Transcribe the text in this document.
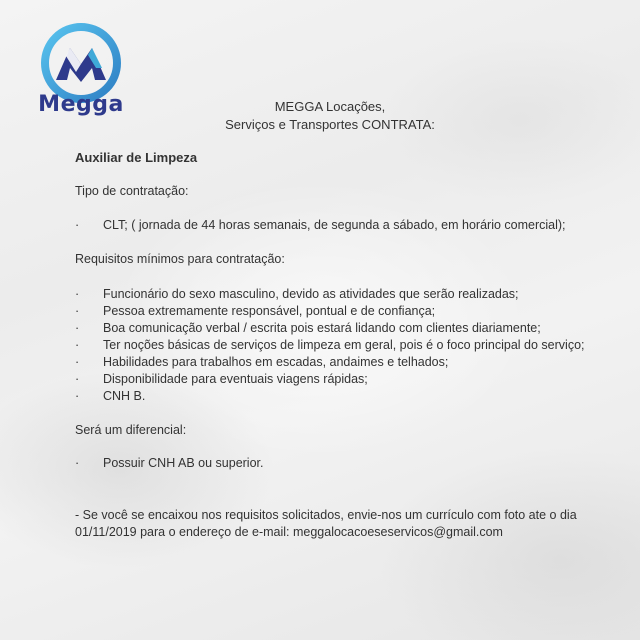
Megga	MEGGA Locações,
Serviços e Transportes CONTRATA:
Auxiliar de Limpeza
Tipo de contratação:
·	CLT; ( jornada de 44 horas semanais, de segunda a sábado, em horário comercial);
Requisitos mínimos para contratação:
·	Funcionário do sexo masculino, devido as atividades que serão realizadas;
·	Pessoa extremamente responsável, pontual e de confiança;
·	Boa comunicação verbal / escrita pois estará lidando com clientes diariamente;
·	Ter noções básicas de serviços de limpeza em geral, pois é o foco principal do serviço;
·	Habilidades para trabalhos em escadas, andaimes e telhados;
·	Disponibilidade para eventuais viagens rápidas;
·	CNH B.
Será um diferencial:
·	Possuir CNH AB ou superior.
- Se você se encaixou nos requisitos solicitados, envie-nos um currículo com foto ate o dia
01/11/2019 para o endereço de e-mail: meggalocacoeseservicos@gmail.com
